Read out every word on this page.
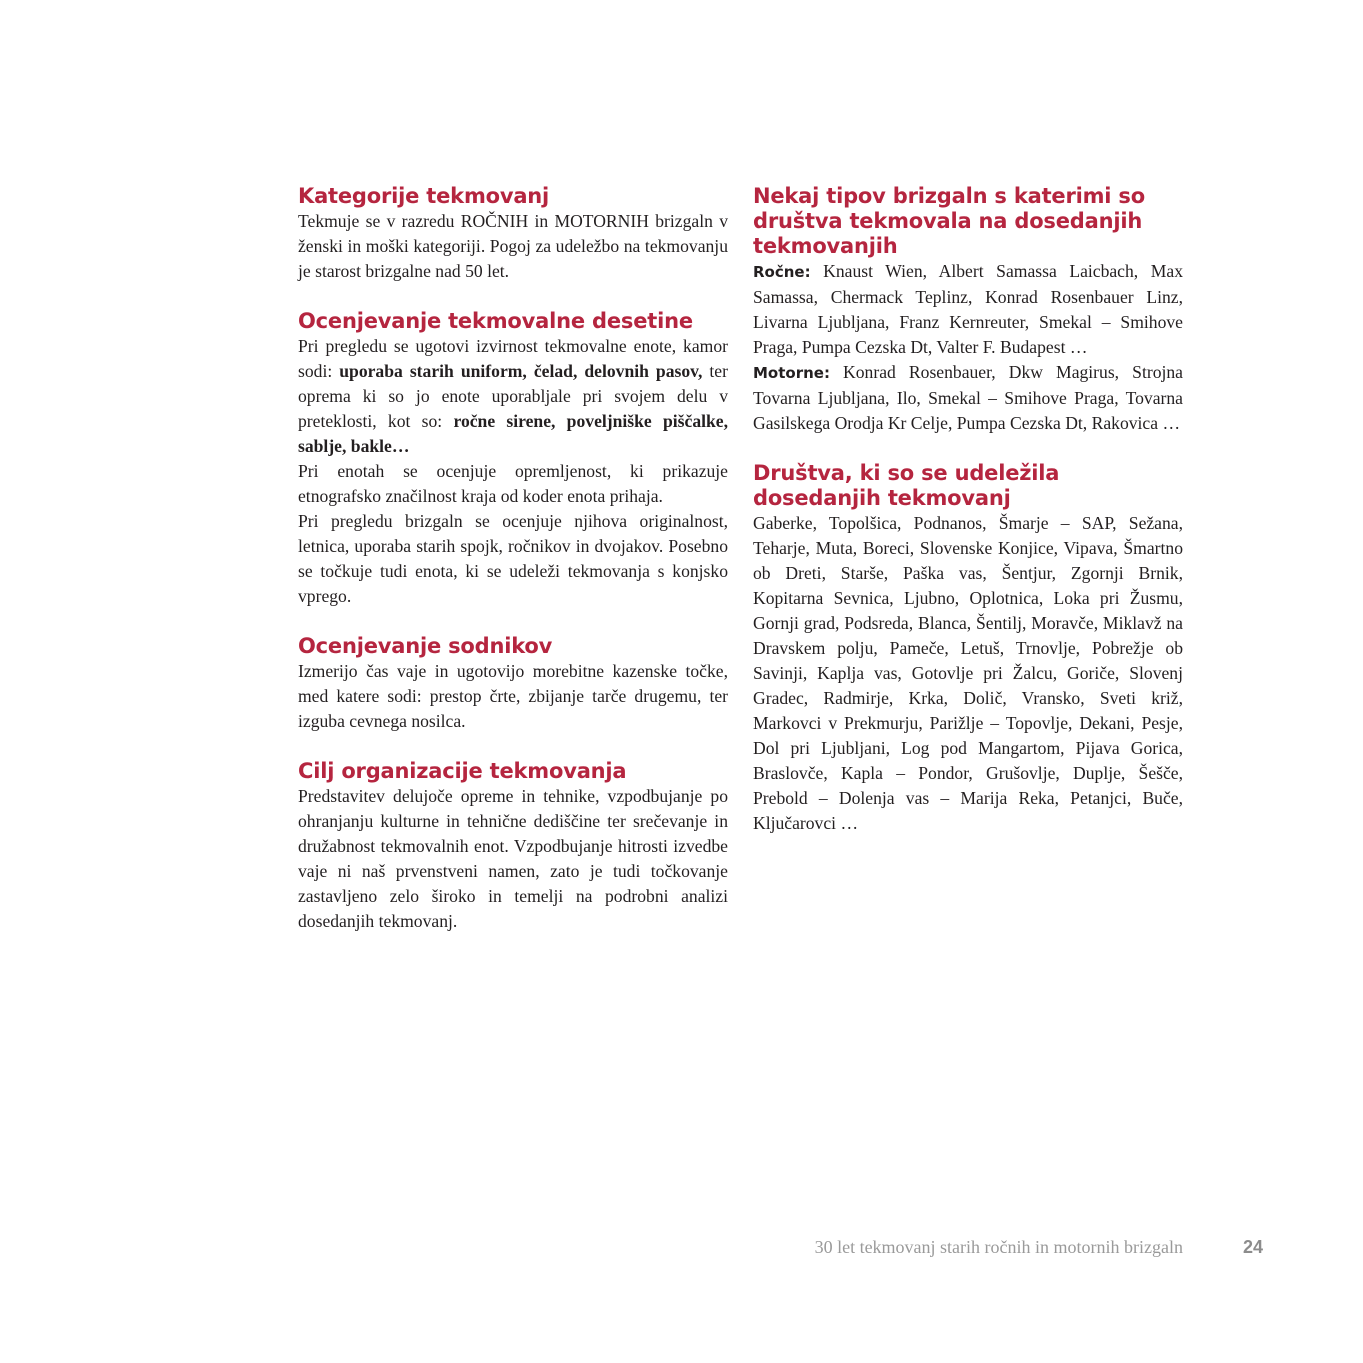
Kategorije tekmovanj

Tekmuje se v razredu ROČNIH in MOTORNIH brizgaln v ženski in moški kategoriji. Pogoj za udeležbo na tekmovanju je starost brizgalne nad 50 let.

Ocenjevanje tekmovalne desetine

Pri pregledu se ugotovi izvirnost tekmovalne enote, kamor sodi: uporaba starih uniform, čelad, delovnih pasov, ter oprema ki so jo enote uporabljale pri svojem delu v preteklosti, kot so: ročne sirene, poveljniške piščalke, sablje, bakle…

Pri enotah se ocenjuje opremljenost, ki prikazuje etnografsko značilnost kraja od koder enota prihaja.

Pri pregledu brizgaln se ocenjuje njihova originalnost, letnica, uporaba starih spojk, ročnikov in dvojakov. Posebno se točkuje tudi enota, ki se udeleži tekmovanja s konjsko vprego.

Ocenjevanje sodnikov

Izmerijo čas vaje in ugotovijo morebitne kazenske točke, med katere sodi: prestop črte, zbijanje tarče drugemu, ter izguba cevnega nosilca.

Cilj organizacije tekmovanja

Predstavitev delujoče opreme in tehnike, vzpodbujanje po ohranjanju kulturne in tehnične dediščine ter srečevanje in družabnost tekmovalnih enot. Vzpodbujanje hitrosti izvedbe vaje ni naš prvenstveni namen, zato je tudi točkovanje zastavljeno zelo široko in temelji na podrobni analizi dosedanjih tekmovanj.

Nekaj tipov brizgaln s katerimi so društva tekmovala na dosedanjih tekmovanjih

Ročne: Knaust Wien, Albert Samassa Laicbach, Max Samassa, Chermack Teplinz, Konrad Rosenbauer Linz, Livarna Ljubljana, Franz Kernreuter, Smekal – Smihove Praga, Pumpa Cezska Dt, Valter F. Budapest …

Motorne: Konrad Rosenbauer, Dkw Magirus, Strojna Tovarna Ljubljana, Ilo, Smekal – Smihove Praga, Tovarna Gasilskega Orodja Kr Celje, Pumpa Cezska Dt, Rakovica …

Društva, ki so se udeležila dosedanjih tekmovanj

Gaberke, Topolšica, Podnanos, Šmarje – SAP, Sežana, Teharje, Muta, Boreci, Slovenske Konjice, Vipava, Šmartno ob Dreti, Starše, Paška vas, Šentjur, Zgornji Brnik, Kopitarna Sevnica, Ljubno, Oplotnica, Loka pri Žusmu, Gornji grad, Podsreda, Blanca, Šentilj, Moravče, Miklavž na Dravskem polju, Pameče, Letuš, Trnovlje, Pobrežje ob Savinji, Kaplja vas, Gotovlje pri Žalcu, Goriče, Slovenj Gradec, Radmirje, Krka, Dolič, Vransko, Sveti križ, Markovci v Prekmurju, Parižlje – Topovlje, Dekani, Pesje, Dol pri Ljubljani, Log pod Mangartom, Pijava Gorica, Braslovče, Kapla – Pondor, Grušovlje, Duplje, Šešče, Prebold – Dolenja vas – Marija Reka, Petanjci, Buče, Ključarovci …

30 let tekmovanj starih ročnih in motornih brizgaln	24
